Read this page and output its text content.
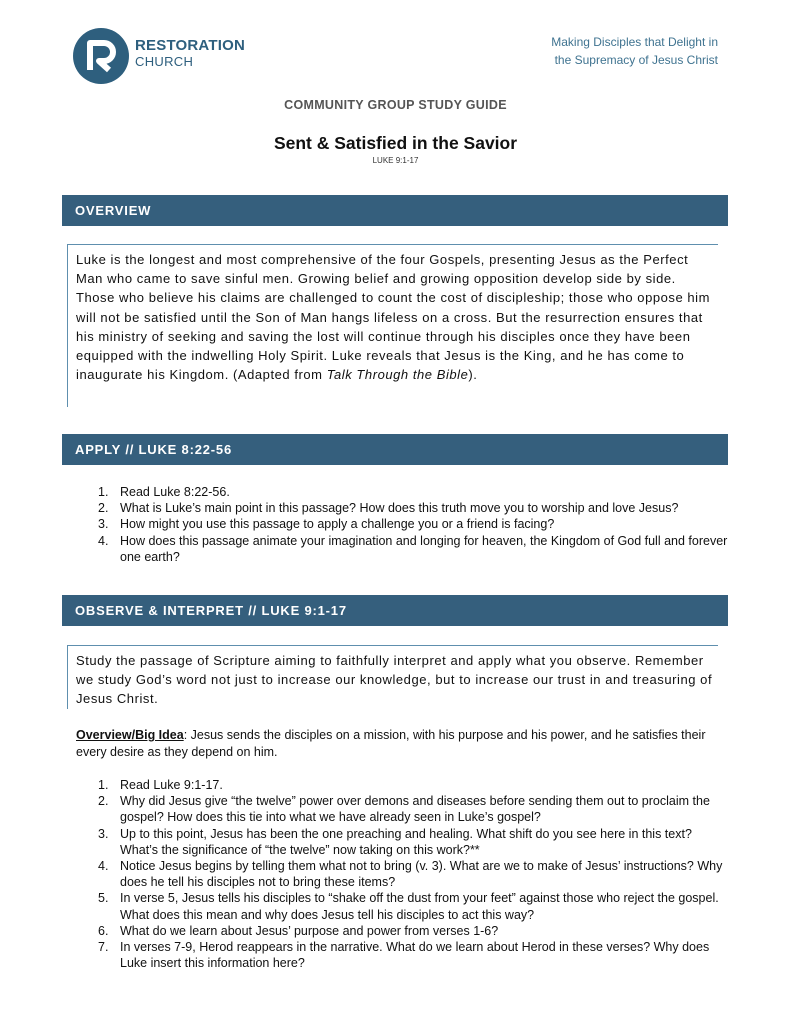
RESTORATION
CHURCH
Making Disciples that Delight in
the Supremacy of Jesus Christ
COMMUNITY GROUP STUDY GUIDE
Sent & Satisfied in the Savior
LUKE 9:1-17
OVERVIEW
Luke is the longest and most comprehensive of the four Gospels, presenting Jesus as the Perfect Man who came to save sinful men. Growing belief and growing opposition develop side by side. Those who believe his claims are challenged to count the cost of discipleship; those who oppose him will not be satisfied until the Son of Man hangs lifeless on a cross. But the resurrection ensures that his ministry of seeking and saving the lost will continue through his disciples once they have been equipped with the indwelling Holy Spirit. Luke reveals that Jesus is the King, and he has come to inaugurate his Kingdom. (Adapted from Talk Through the Bible).
APPLY // LUKE 8:22-56
1. Read Luke 8:22-56.
2. What is Luke’s main point in this passage? How does this truth move you to worship and love Jesus?
3. How might you use this passage to apply a challenge you or a friend is facing?
4. How does this passage animate your imagination and longing for heaven, the Kingdom of God full and forever one earth?
OBSERVE & INTERPRET // LUKE 9:1-17
Study the passage of Scripture aiming to faithfully interpret and apply what you observe. Remember we study God’s word not just to increase our knowledge, but to increase our trust in and treasuring of Jesus Christ.
Overview/Big Idea: Jesus sends the disciples on a mission, with his purpose and his power, and he satisfies their every desire as they depend on him.
1. Read Luke 9:1-17.
2. Why did Jesus give “the twelve” power over demons and diseases before sending them out to proclaim the gospel? How does this tie into what we have already seen in Luke’s gospel?
3. Up to this point, Jesus has been the one preaching and healing. What shift do you see here in this text? What’s the significance of “the twelve” now taking on this work?**
4. Notice Jesus begins by telling them what not to bring (v. 3). What are we to make of Jesus’ instructions? Why does he tell his disciples not to bring these items?
5. In verse 5, Jesus tells his disciples to “shake off the dust from your feet” against those who reject the gospel. What does this mean and why does Jesus tell his disciples to act this way?
6. What do we learn about Jesus’ purpose and power from verses 1-6?
7. In verses 7-9, Herod reappears in the narrative. What do we learn about Herod in these verses? Why does Luke insert this information here?
